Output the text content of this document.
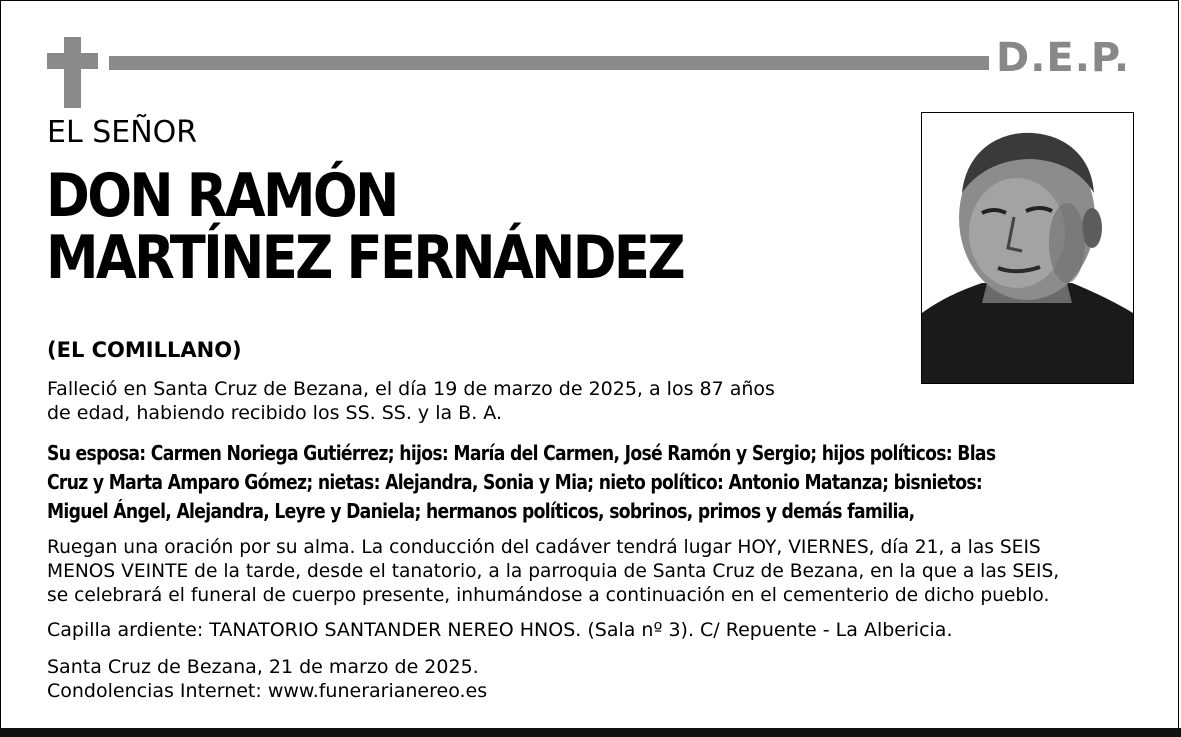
D.E.P.
EL SEÑOR
DON RAMÓN
MARTÍNEZ FERNÁNDEZ
(EL COMILLANO)
Falleció en Santa Cruz de Bezana, el día 19 de marzo de 2025, a los 87 años
de edad, habiendo recibido los SS. SS. y la B. A.
Su esposa: Carmen Noriega Gutiérrez; hijos: María del Carmen, José Ramón y Sergio; hijos políticos: Blas
Cruz y Marta Amparo Gómez; nietas: Alejandra, Sonia y Mia; nieto político: Antonio Matanza; bisnietos:
Miguel Ángel, Alejandra, Leyre y Daniela; hermanos políticos, sobrinos, primos y demás familia,
Ruegan una oración por su alma. La conducción del cadáver tendrá lugar HOY, VIERNES, día 21, a las SEIS
MENOS VEINTE de la tarde, desde el tanatorio, a la parroquia de Santa Cruz de Bezana, en la que a las SEIS,
se celebrará el funeral de cuerpo presente, inhumándose a continuación en el cementerio de dicho pueblo.
Capilla ardiente: TANATORIO SANTANDER NEREO HNOS. (Sala nº 3). C/ Repuente - La Albericia.
Santa Cruz de Bezana, 21 de marzo de 2025.
Condolencias Internet: www.funerarianereo.es
